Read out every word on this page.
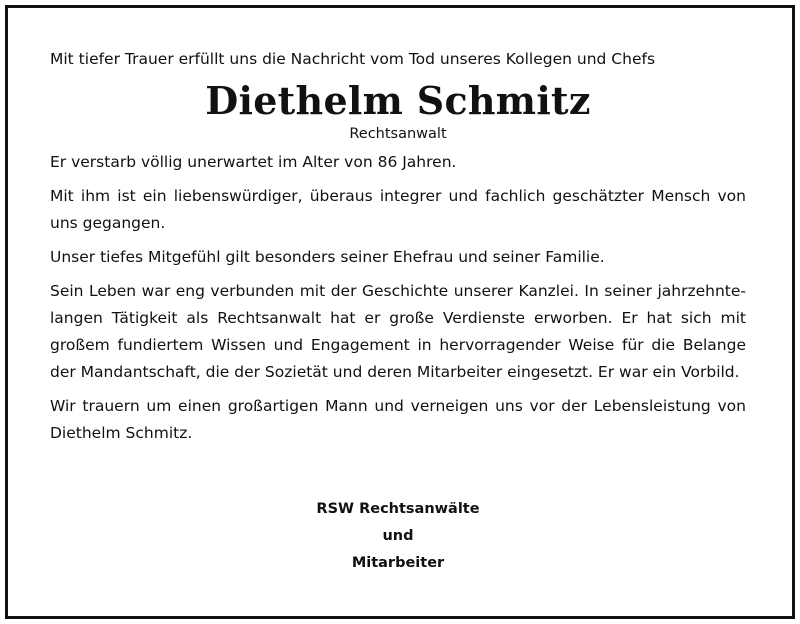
Mit tiefer Trauer erfüllt uns die Nachricht vom Tod unseres Kollegen und Chefs

Diethelm Schmitz

Rechtsanwalt

Er verstarb völlig unerwartet im Alter von 86 Jahren.

Mit ihm ist ein liebenswürdiger, überaus integrer und fachlich geschätzter Mensch von uns gegangen.

Unser tiefes Mitgefühl gilt besonders seiner Ehefrau und seiner Familie.

Sein Leben war eng verbunden mit der Geschichte unserer Kanzlei. In seiner jahrzehntelangen Tätigkeit als Rechtsanwalt hat er große Verdienste erworben. Er hat sich mit großem fundiertem Wissen und Engagement in hervorragender Weise für die Belange der Mandantschaft, die der Sozietät und deren Mitarbeiter eingesetzt. Er war ein Vorbild.

Wir trauern um einen großartigen Mann und verneigen uns vor der Lebensleistung von Diethelm Schmitz.

RSW Rechtsanwälte
und
Mitarbeiter
